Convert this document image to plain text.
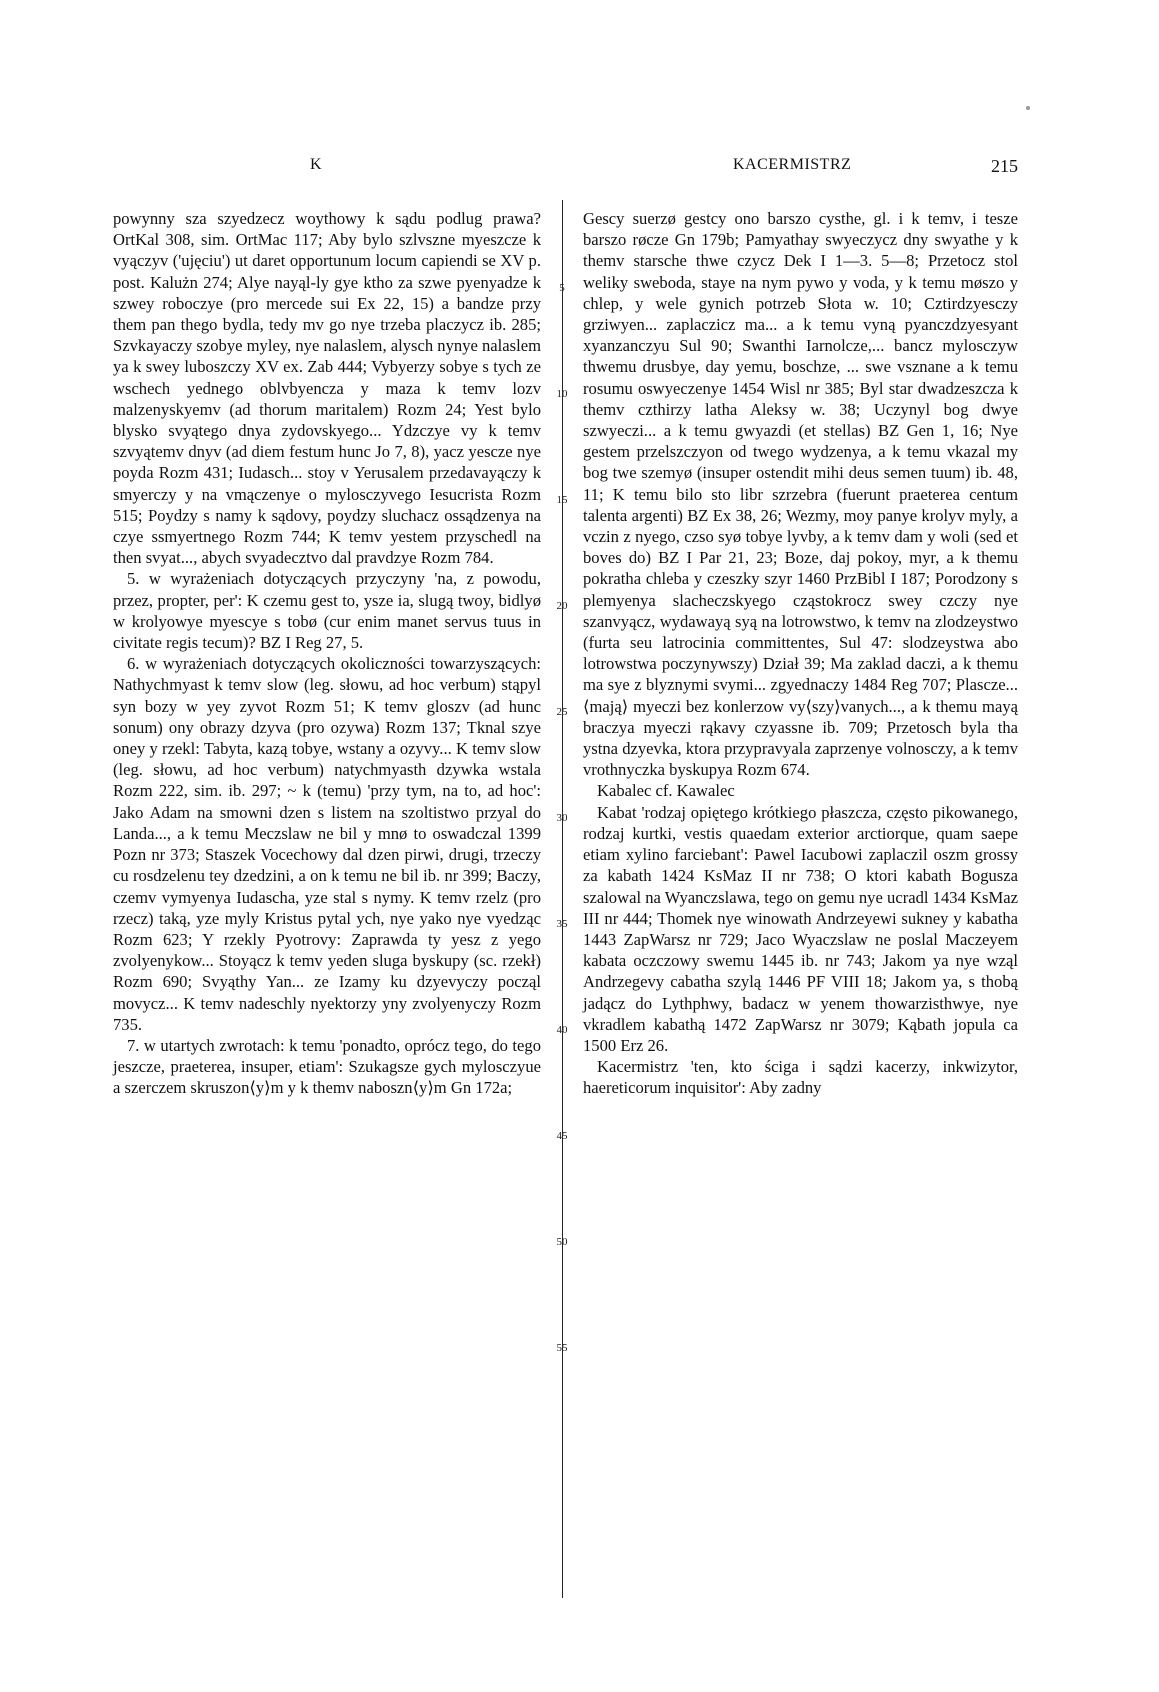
K	KACERMISTRZ	215

powynny sza szyedzecz woythowy k sądu podlug prawa? OrtKal 308, sim. OrtMac 117; Aby bylo szlvszne myeszcze k vyączyv ('ujęciu') ut daret opportunum locum capiendi se XV p. post. Kalużn 274; Alye nayąl-ly gye ktho za szwe pyenyadze k szwey roboczye (pro mercede sui Ex 22, 15) a bandze przy them pan thego bydla, tedy mv go nye trzeba placzycz ib. 285; Szvkayaczy szobye myley, nye nalaslem, alysch nynye nalaslem ya k swey luboszczy XV ex. Zab 444; Vybyerzy sobye s tych ze wschech yednego oblvbyencza y maza k temv lozv malzenyskyemv (ad thorum maritalem) Rozm 24; Yest bylo blysko svyątego dnya zydovskyego... Ydzczye vy k temv szvyątemv dnyv (ad diem festum hunc Jo 7, 8), yacz yescze nye poyda Rozm 431; Iudasch... stoy v Yerusalem przedavayączy k smyerczy y na vmączenye o mylosczyvego Iesucrista Rozm 515; Poydzy s namy k sądovy, poydzy sluchacz ossądzenya na czye ssmyertnego Rozm 744; K temv yestem przyschedl na then svyat..., abych svyadecztvo dal pravdzye Rozm 784.

5. w wyrażeniach dotyczących przyczyny 'na, z powodu, przez, propter, per': K czemu gest to, ysze ia, slugą twoy, bidlyø w krolyowye myescye s tobø (cur enim manet servus tuus in civitate regis tecum)? BZ I Reg 27, 5.

6. w wyrażeniach dotyczących okoliczności towarzyszących: Nathychmyast k temv slow (leg. słowu, ad hoc verbum) stąpyl syn bozy w yey zyvot Rozm 51; K temv gloszv (ad hunc sonum) ony obrazy dzyva (pro ozywa) Rozm 137; Tknal szye oney y rzekl: Tabyta, kazą tobye, wstany a ozyvy... K temv slow (leg. słowu, ad hoc verbum) natychmyasth dzywka wstala Rozm 222, sim. ib. 297; ~ k (temu) 'przy tym, na to, ad hoc': Jako Adam na smowni dzen s listem na szoltistwo przyal do Landa..., a k temu Meczslaw ne bil y mnø to oswadczal 1399 Pozn nr 373; Staszek Vocechowy dal dzen pirwi, drugi, trzeczy cu rosdzelenu tey dzedzini, a on k temu ne bil ib. nr 399; Baczy, czemv vymyenya Iudascha, yze stal s nymy. K temv rzelz (pro rzecz) taką, yze myly Kristus pytal ych, nye yako nye vyedząc Rozm 623; Y rzekly Pyotrovy: Zaprawda ty yesz z yego zvolyenykow... Stoyącz k temv yeden sluga byskupy (sc. rzekł) Rozm 690; Svyąthy Yan... ze Izamy ku dzyevyczy począl movycz... K temv nadeschly nyektorzy yny zvolyenyczy Rozm 735.

7. w utartych zwrotach: k temu 'ponadto, oprócz tego, do tego jeszcze, praeterea, insuper, etiam': Szukagsze gych mylosczyue a szerczem skruszon⟨y⟩m y k themv naboszn⟨y⟩m Gn 172a;

5
10
15
20
25
30
35
40
45
50
55

Gescy suerzø gestcy ono barszo cysthe, gl. i k temv, i tesze barszo røcze Gn 179b; Pamyathay swyeczycz dny swyathe y k themv starsche thwe czycz Dek I 1—3. 5—8; Przetocz stol weliky sweboda, staye na nym pywo y voda, y k temu møszo y chlep, y wele gynich potrzeb Słota w. 10; Cztirdzyesczy grziwyen... zaplaczicz ma... a k temu vyną pyanczdzyesyant xyanzanczyu Sul 90; Swanthi Iarnolcze,... bancz mylosczyw thwemu drusbye, day yemu, boschze, ... swe vsznane a k temu rosumu oswyeczenye 1454 Wisl nr 385; Byl star dwadzeszcza k themv czthirzy latha Aleksy w. 38; Uczynyl bog dwye szwyeczi... a k temu gwyazdi (et stellas) BZ Gen 1, 16; Nye gestem przelszczyon od twego wydzenya, a k temu vkazal my bog twe szemyø (insuper ostendit mihi deus semen tuum) ib. 48, 11; K temu bilo sto libr szrzebra (fuerunt praeterea centum talenta argenti) BZ Ex 38, 26; Wezmy, moy panye krolyv myly, a vczin z nyego, czso syø tobye lyvby, a k temv dam y woli (sed et boves do) BZ I Par 21, 23; Boze, daj pokoy, myr, a k themu pokratha chleba y czeszky szyr 1460 PrzBibl I 187; Porodzony s plemyenya slacheczskyego cząstokrocz swey czczy nye szanvyącz, wydawayą syą na lotrowstwo, k temv na zlodzeystwo (furta seu latrocinia committentes, Sul 47: slodzeystwa abo lotrowstwa poczynywszy) Dział 39; Ma zaklad daczi, a k themu ma sye z blyznymi svymi... zgyednaczy 1484 Reg 707; Plascze... ⟨mają⟩ myeczi bez konlerzow vy⟨szy⟩vanych..., a k themu mayą braczya myeczi rąkavy czyassne ib. 709; Przetosch byla tha ystna dzyevka, ktora przypravyala zaprzenye volnosczy, a k temv vrothnyczka byskupya Rozm 674.

Kabalec cf. Kawalec

Kabat 'rodzaj opiętego krótkiego płaszcza, często pikowanego, rodzaj kurtki, vestis quaedam exterior arctiorque, quam saepe etiam xylino farciebant': Pawel Iacubowi zaplaczil oszm grossy za kabath 1424 KsMaz II nr 738; O ktori kabath Bogusza szalowal na Wyanczslawa, tego on gemu nye ucradl 1434 KsMaz III nr 444; Thomek nye winowath Andrzeyewi sukney y kabatha 1443 ZapWarsz nr 729; Jaco Wyaczslaw ne poslal Maczeyem kabata oczczowy swemu 1445 ib. nr 743; Jakom ya nye wząl Andrzegevy cabatha szylą 1446 PF VIII 18; Jakom ya, s thobą jadącz do Lythphwy, badacz w yenem thowarzisthwye, nye vkradlem kabathą 1472 ZapWarsz nr 3079; Kąbath jopula ca 1500 Erz 26.

Kacermistrz 'ten, kto ściga i sądzi kacerzy, inkwizytor, haereticorum inquisitor': Aby zadny
